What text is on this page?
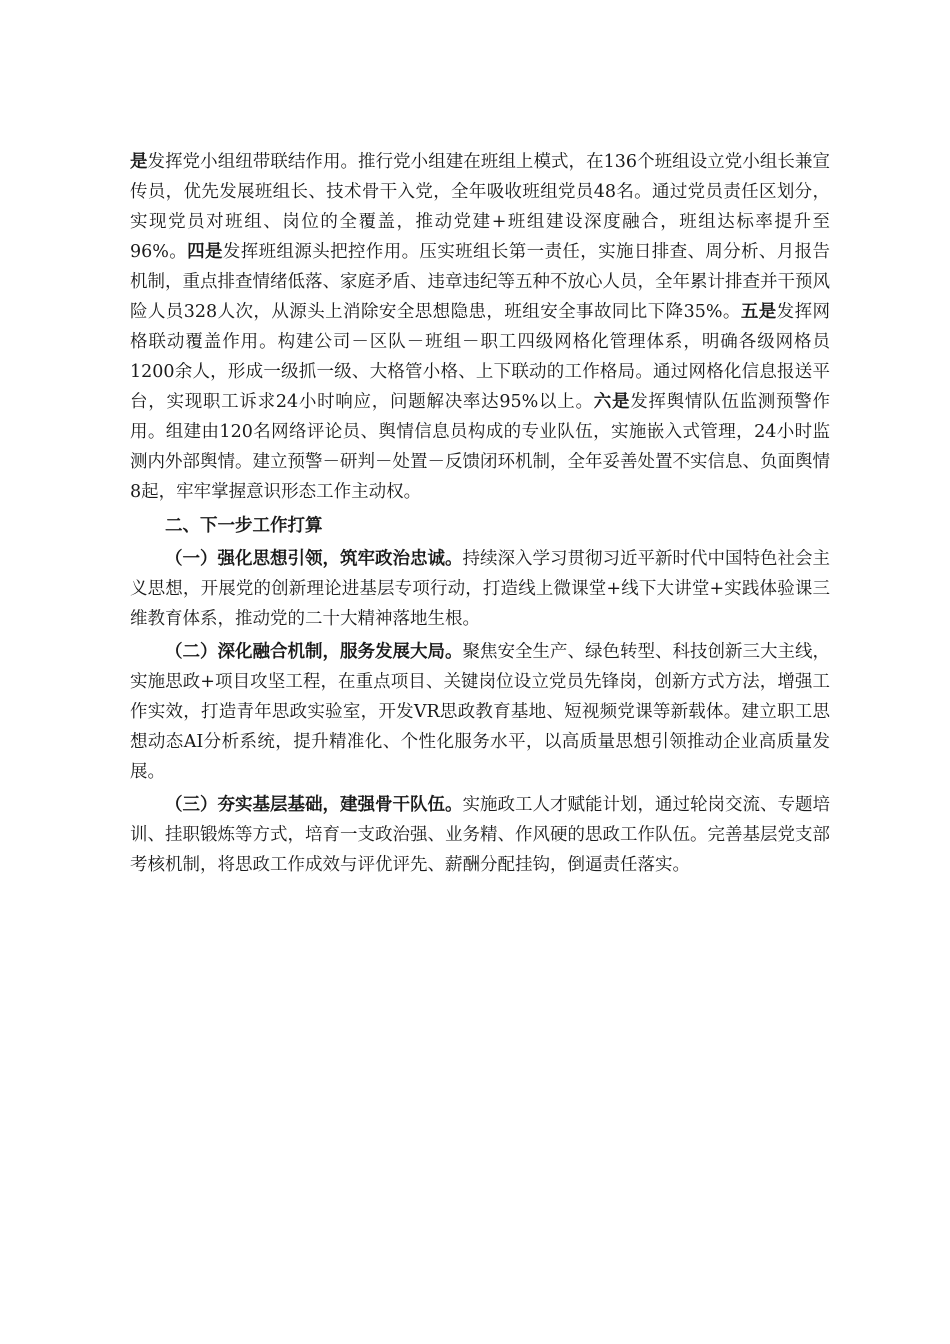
是发挥党小组纽带联结作用。推行党小组建在班组上模式，在136个班组设立党小组长兼宣传员，优先发展班组长、技术骨干入党，全年吸收班组党员48名。通过党员责任区划分，实现党员对班组、岗位的全覆盖，推动党建+班组建设深度融合，班组达标率提升至96%。四是发挥班组源头把控作用。压实班组长第一责任，实施日排查、周分析、月报告机制，重点排查情绪低落、家庭矛盾、违章违纪等五种不放心人员，全年累计排查并干预风险人员328人次，从源头上消除安全思想隐患，班组安全事故同比下降35%。五是发挥网格联动覆盖作用。构建公司－区队－班组－职工四级网格化管理体系，明确各级网格员1200余人，形成一级抓一级、大格管小格、上下联动的工作格局。通过网格化信息报送平台，实现职工诉求24小时响应，问题解决率达95%以上。六是发挥舆情队伍监测预警作用。组建由120名网络评论员、舆情信息员构成的专业队伍，实施嵌入式管理，24小时监测内外部舆情。建立预警－研判－处置－反馈闭环机制，全年妥善处置不实信息、负面舆情8起，牢牢掌握意识形态工作主动权。

二、下一步工作打算

（一）强化思想引领，筑牢政治忠诚。持续深入学习贯彻习近平新时代中国特色社会主义思想，开展党的创新理论进基层专项行动，打造线上微课堂+线下大讲堂+实践体验课三维教育体系，推动党的二十大精神落地生根。

（二）深化融合机制，服务发展大局。聚焦安全生产、绿色转型、科技创新三大主线，实施思政+项目攻坚工程，在重点项目、关键岗位设立党员先锋岗，创新方式方法，增强工作实效，打造青年思政实验室，开发VR思政教育基地、短视频党课等新载体。建立职工思想动态AI分析系统，提升精准化、个性化服务水平，以高质量思想引领推动企业高质量发展。

（三）夯实基层基础，建强骨干队伍。实施政工人才赋能计划，通过轮岗交流、专题培训、挂职锻炼等方式，培育一支政治强、业务精、作风硬的思政工作队伍。完善基层党支部考核机制，将思政工作成效与评优评先、薪酬分配挂钩，倒逼责任落实。
